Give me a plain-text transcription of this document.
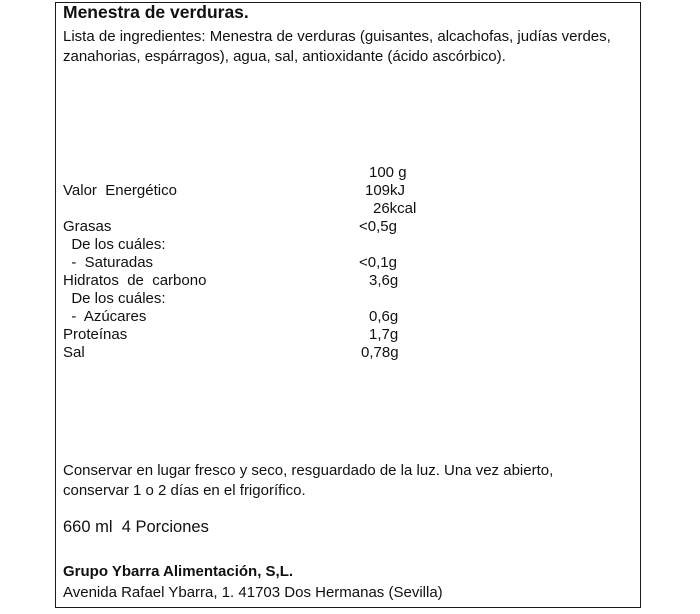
Menestra de verduras.
Lista de ingredientes: Menestra de verduras (guisantes, alcachofas, judías verdes, zanahorias, espárragos), agua, sal, antioxidante (ácido ascórbico).
100 g
Valor  Energético	109kJ
26kcal
Grasas	<0,5g
De los cuáles:
-  Saturadas	<0,1g
Hidratos  de  carbono	3,6g
De los cuáles:
-  Azúcares	0,6g
Proteínas	1,7g
Sal	0,78g
Conservar en lugar fresco y seco, resguardado de la luz. Una vez abierto, conservar 1 o 2 días en el frigorífico.
660 ml  4 Porciones
Grupo Ybarra Alimentación, S,L.
Avenida Rafael Ybarra, 1. 41703 Dos Hermanas (Sevilla)
